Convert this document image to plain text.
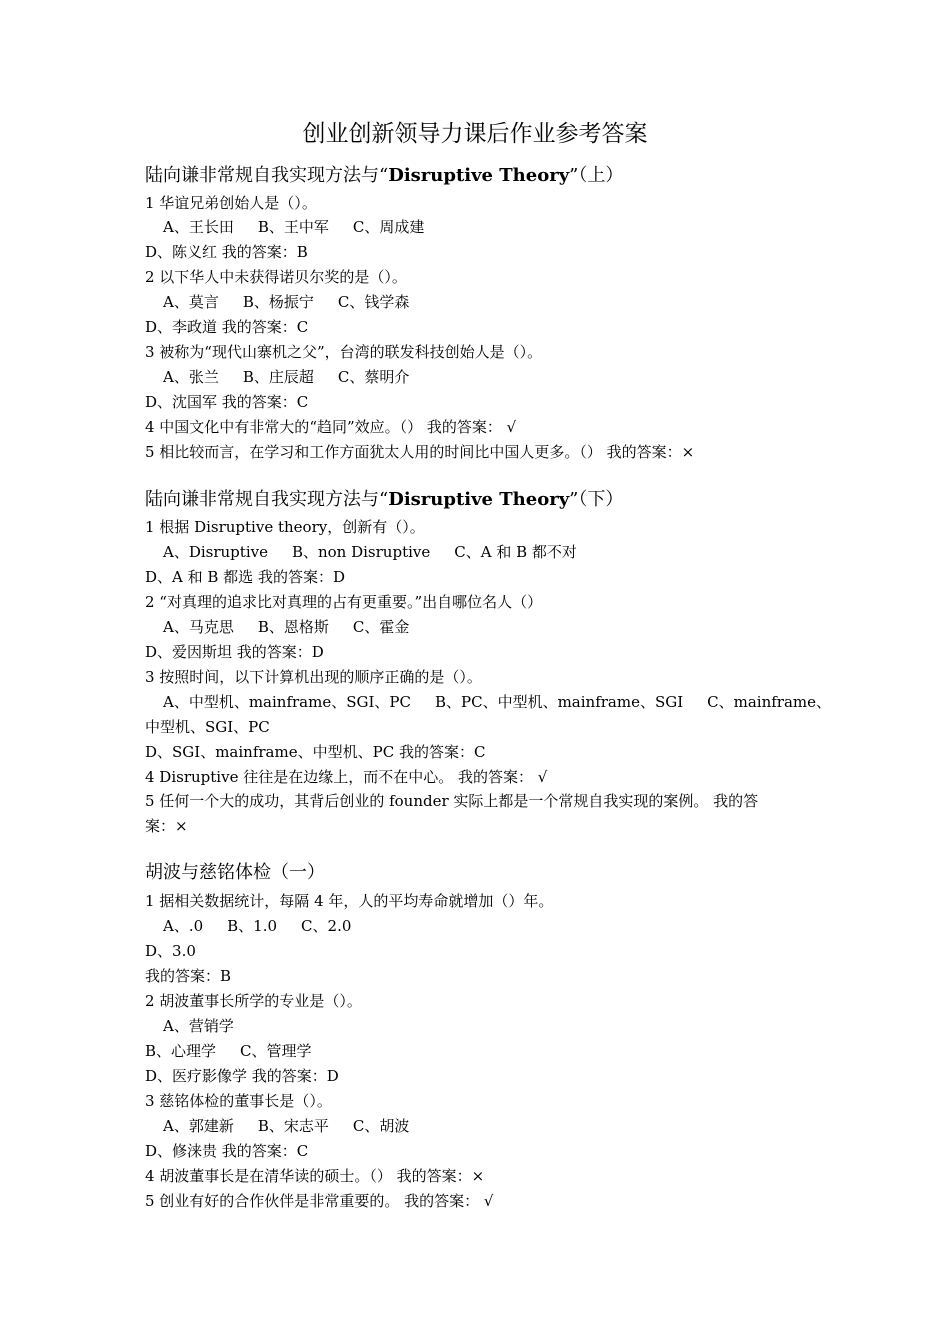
创业创新领导力课后作业参考答案
陆向谦非常规自我实现方法与“Disruptive Theory”（上）
1 华谊兄弟创始人是（）。
A、王长田 B、王中军 C、周成建
D、陈义红 我的答案：B
2 以下华人中未获得诺贝尔奖的是（）。
A、莫言 B、杨振宁 C、钱学森
D、李政道 我的答案：C
3 被称为“现代山寨机之父”，台湾的联发科技创始人是（）。
A、张兰 B、庄辰超 C、蔡明介
D、沈国军 我的答案：C
4 中国文化中有非常大的“趋同”效应。（） 我的答案： √
5 相比较而言，在学习和工作方面犹太人用的时间比中国人更多。（） 我的答案：×
陆向谦非常规自我实现方法与“Disruptive Theory”（下）
1 根据 Disruptive theory，创新有（）。
A、Disruptive B、non Disruptive C、A 和 B 都不对
D、A 和 B 都选 我的答案：D
2 “对真理的追求比对真理的占有更重要。”出自哪位名人（）
A、马克思 B、恩格斯 C、霍金
D、爱因斯坦 我的答案：D
3 按照时间，以下计算机出现的顺序正确的是（）。
A、中型机、mainframe、SGI、PC B、PC、中型机、mainframe、SGI C、mainframe、
中型机、SGI、PC
D、SGI、mainframe、中型机、PC 我的答案：C
4 Disruptive 往往是在边缘上，而不在中心。 我的答案： √
5 任何一个大的成功，其背后创业的 founder 实际上都是一个常规自我实现的案例。 我的答
案：×
胡波与慈铭体检（一）
1 据相关数据统计，每隔 4 年，人的平均寿命就增加（）年。
A、.0 B、1.0 C、2.0
D、3.0
我的答案：B
2 胡波董事长所学的专业是（）。
A、营销学
B、心理学 C、管理学
D、医疗影像学 我的答案：D
3 慈铭体检的董事长是（）。
A、郭建新 B、宋志平 C、胡波
D、修涞贵 我的答案：C
4 胡波董事长是在清华读的硕士。（） 我的答案：×
5 创业有好的合作伙伴是非常重要的。 我的答案： √
